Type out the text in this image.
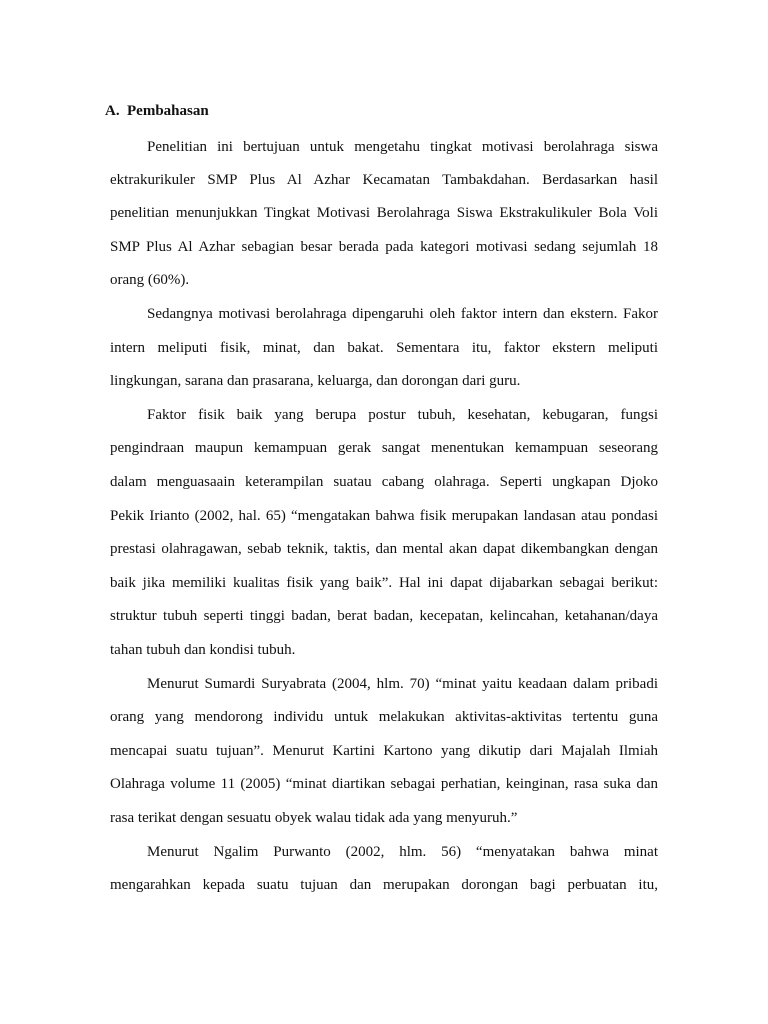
A. Pembahasan
Penelitian ini bertujuan untuk mengetahu tingkat motivasi berolahraga siswa
ektrakurikuler SMP Plus Al Azhar Kecamatan Tambakdahan. Berdasarkan hasil
penelitian menunjukkan Tingkat Motivasi Berolahraga Siswa Ekstrakulikuler Bola Voli
SMP Plus Al Azhar sebagian besar berada pada kategori motivasi sedang sejumlah 18
orang (60%).
Sedangnya motivasi berolahraga dipengaruhi oleh faktor intern dan ekstern. Fakor
intern meliputi fisik, minat, dan bakat. Sementara itu, faktor ekstern meliputi
lingkungan, sarana dan prasarana, keluarga, dan dorongan dari guru.
Faktor fisik baik yang berupa postur tubuh, kesehatan, kebugaran, fungsi
pengindraan maupun kemampuan gerak sangat menentukan kemampuan seseorang
dalam menguasaain keterampilan suatau cabang olahraga. Seperti ungkapan Djoko
Pekik Irianto (2002, hal. 65) “mengatakan bahwa fisik merupakan landasan atau pondasi
prestasi olahragawan, sebab teknik, taktis, dan mental akan dapat dikembangkan dengan
baik jika memiliki kualitas fisik yang baik”. Hal ini dapat dijabarkan sebagai berikut:
struktur tubuh seperti tinggi badan, berat badan, kecepatan, kelincahan, ketahanan/daya
tahan tubuh dan kondisi tubuh.
Menurut Sumardi Suryabrata (2004, hlm. 70) “minat yaitu keadaan dalam pribadi
orang yang mendorong individu untuk melakukan aktivitas-aktivitas tertentu guna
mencapai suatu tujuan”. Menurut Kartini Kartono yang dikutip dari Majalah Ilmiah
Olahraga volume 11 (2005) “minat diartikan sebagai perhatian, keinginan, rasa suka dan
rasa terikat dengan sesuatu obyek walau tidak ada yang menyuruh.”
Menurut Ngalim Purwanto (2002, hlm. 56) “menyatakan bahwa minat
mengarahkan kepada suatu tujuan dan merupakan dorongan bagi perbuatan itu,
